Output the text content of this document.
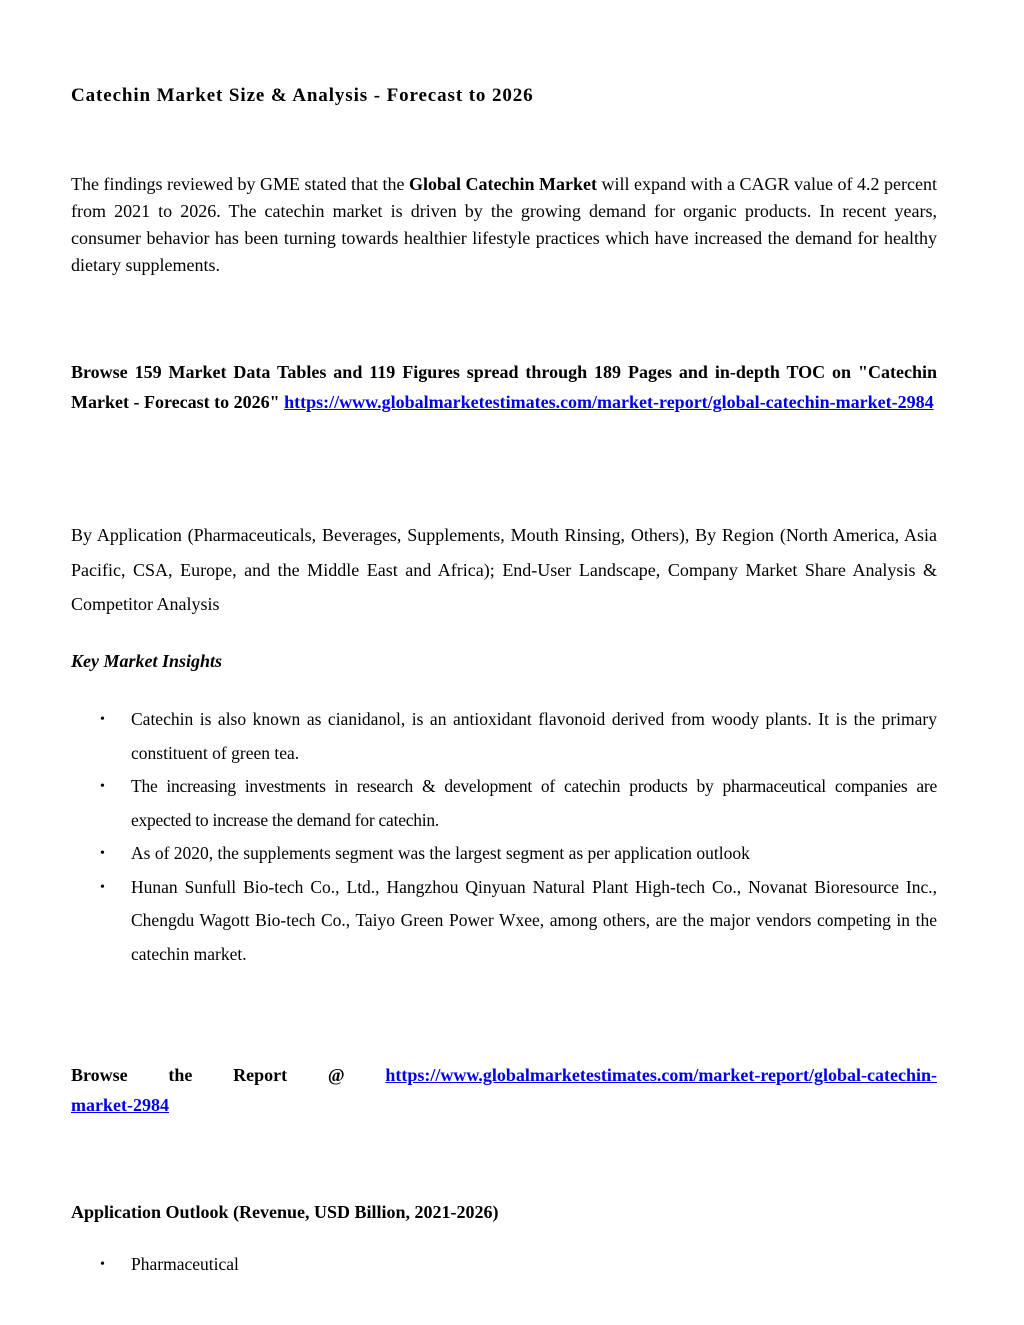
Catechin Market Size & Analysis - Forecast to 2026

The findings reviewed by GME stated that the Global Catechin Market will expand with a CAGR value of 4.2 percent from 2021 to 2026. The catechin market is driven by the growing demand for organic products. In recent years, consumer behavior has been turning towards healthier lifestyle practices which have increased the demand for healthy dietary supplements.

Browse 159 Market Data Tables and 119 Figures spread through 189 Pages and in-depth TOC on "Catechin Market - Forecast to 2026" https://www.globalmarketestimates.com/market-report/global-catechin-market-2984

By Application (Pharmaceuticals, Beverages, Supplements, Mouth Rinsing, Others), By Region (North America, Asia Pacific, CSA, Europe, and the Middle East and Africa); End-User Landscape, Company Market Share Analysis & Competitor Analysis

Key Market Insights
• Catechin is also known as cianidanol, is an antioxidant flavonoid derived from woody plants. It is the primary constituent of green tea.
• The increasing investments in research & development of catechin products by pharmaceutical companies are expected to increase the demand for catechin.
• As of 2020, the supplements segment was the largest segment as per application outlook
• Hunan Sunfull Bio-tech Co., Ltd., Hangzhou Qinyuan Natural Plant High-tech Co., Novanat Bioresource Inc., Chengdu Wagott Bio-tech Co., Taiyo Green Power Wxee, among others, are the major vendors competing in the catechin market.
Browse the Report @ https://www.globalmarketestimates.com/market-report/global-catechin-
market-2984
Application Outlook (Revenue, USD Billion, 2021-2026)
• Pharmaceutical
